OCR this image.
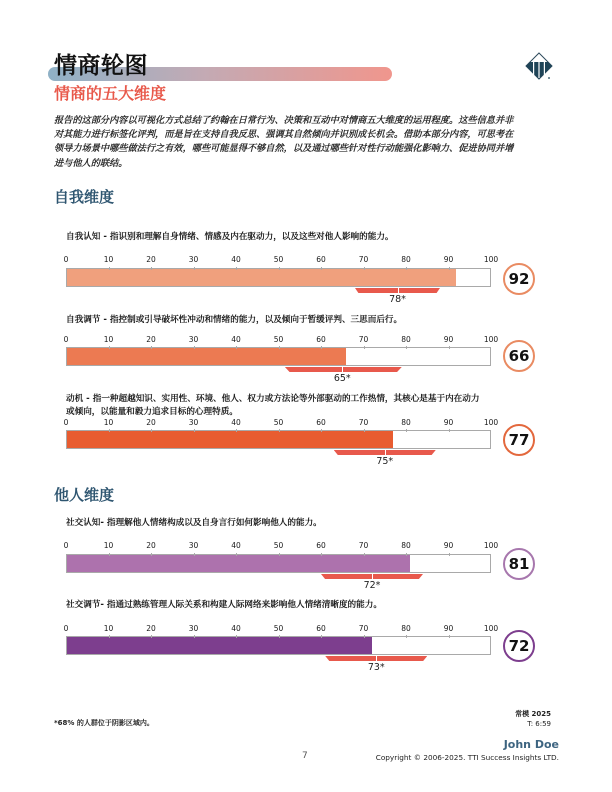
情商轮图
情商的五大维度
报告的这部分内容以可视化方式总结了约翰在日常行为、决策和互动中对情商五大维度的运用程度。这些信息并非对其能力进行标签化评判，而是旨在支持自我反思、强调其自然倾向并识别成长机会。借助本部分内容，可思考在领导力场景中哪些做法行之有效，哪些可能显得不够自然，以及通过哪些针对性行动能强化影响力、促进协同并增进与他人的联结。
自我维度
自我认知 - 指识别和理解自身情绪、情感及内在驱动力，以及这些对他人影响的能力。
0	10	20	30	40	50	60	70	80	90	100
78*
92
自我调节 - 指控制或引导破坏性冲动和情绪的能力，以及倾向于暂缓评判、三思而后行。
0	10	20	30	40	50	60	70	80	90	100
65*
66
动机 - 指一种超越知识、实用性、环境、他人、权力或方法论等外部驱动的工作热情，其核心是基于内在动力或倾向，以能量和毅力追求目标的心理特质。
0	10	20	30	40	50	60	70	80	90	100
75*
77
他人维度
社交认知- 指理解他人情绪构成以及自身言行如何影响他人的能力。
0	10	20	30	40	50	60	70	80	90	100
72*
81
社交调节- 指通过熟练管理人际关系和构建人际网络来影响他人情绪清晰度的能力。
0	10	20	30	40	50	60	70	80	90	100
73*
72
*68% 的人群位于阴影区域内。
常模 2025
T: 6:59
John Doe
Copyright © 2006-2025. TTI Success Insights LTD.
7
